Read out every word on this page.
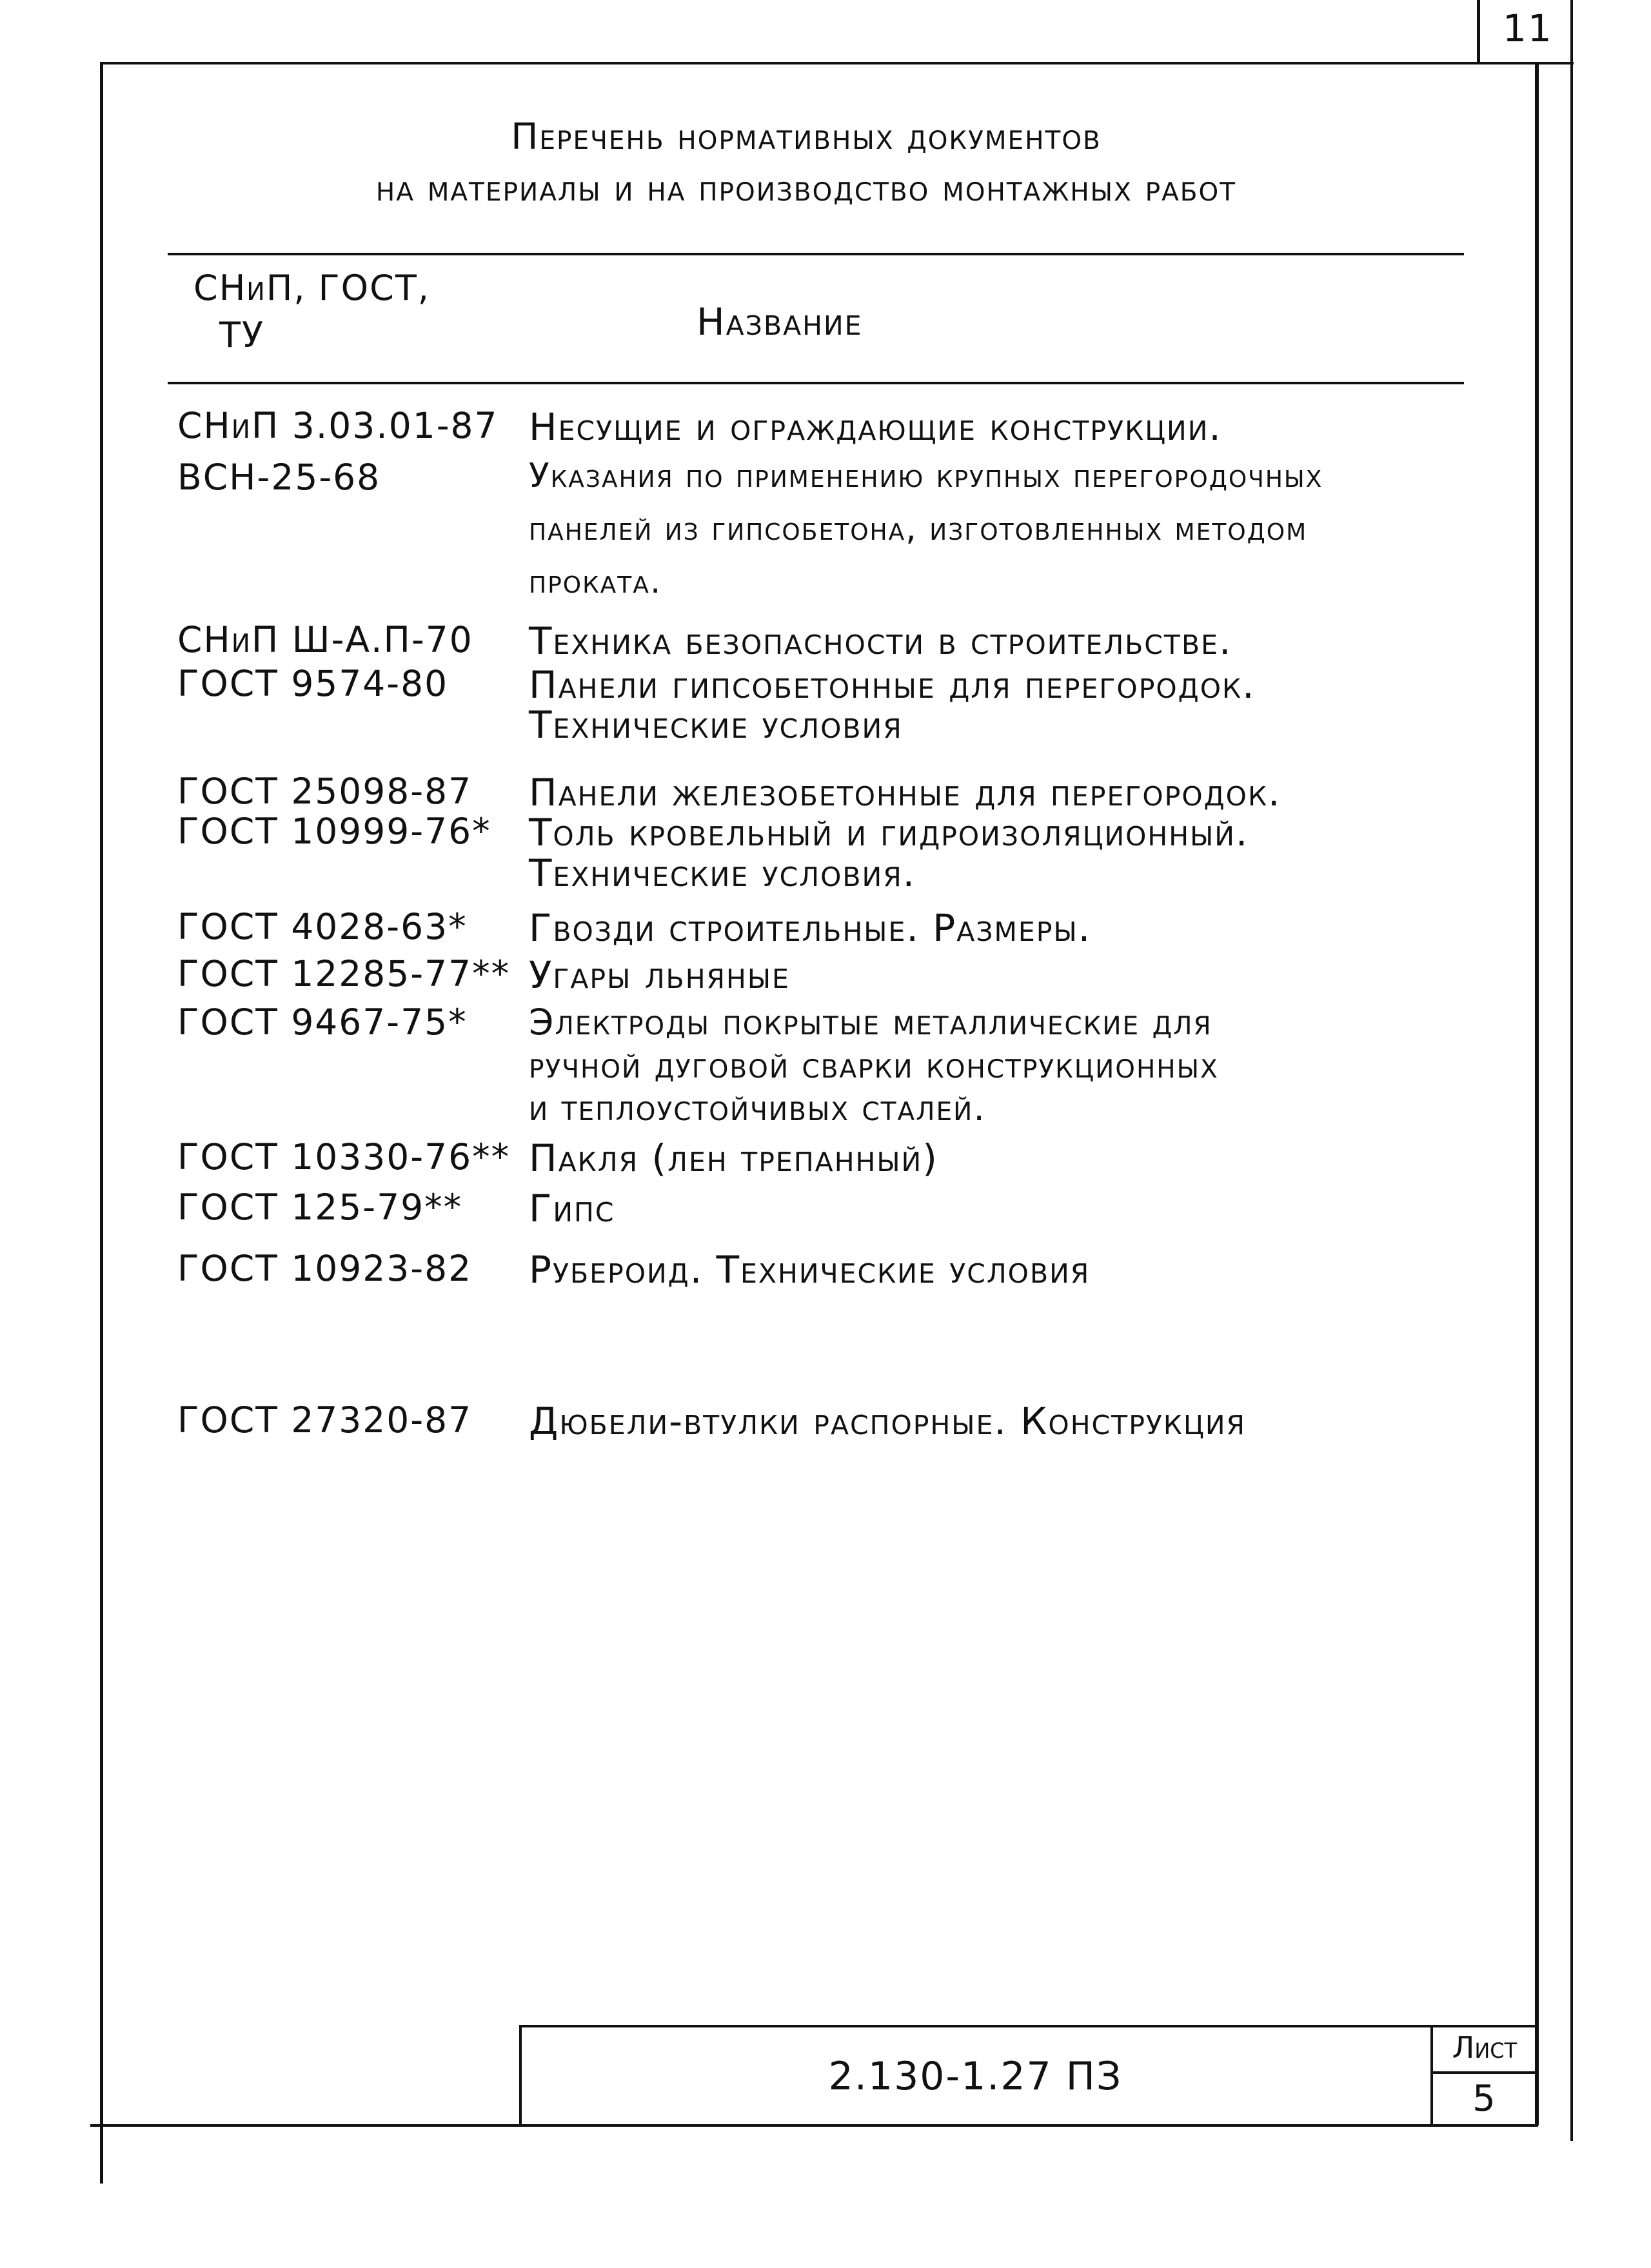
11
Перечень нормативных документов
на материалы и на производство монтажных работ
СНиП, ГОСТ,
ТУ	Название
СНиП 3.03.01-87 Несущие и ограждающие конструкции.
ВСН-25-68	Указания по применению крупных перегородочных
панелей из гипсобетона, изготовленных методом
проката.
СНиП Ш-А.П-70 Техника безопасности в строительстве.
ГОСТ 9574-80 Панели гипсобетонные для перегородок.
Технические условия
ГОСТ 25098-87 Панели железобетонные для перегородок.
ГОСТ 10999-76* Толь кровельный и гидроизоляционный.
Технические условия.
ГОСТ 4028-63* Гвозди строительные. Размеры.
ГОСТ 12285-77** Угары льняные
ГОСТ 9467-75* Электроды покрытые металлические для
ручной дуговой сварки конструкционных
и теплоустойчивых сталей.
ГОСТ 10330-76** Пакля (лен трепанный)
ГОСТ 125-79** Гипс
ГОСТ 10923-82 Рубероид. Технические условия
ГОСТ 27320-87 Дюбели-втулки распорные. Конструкция
2.130-1.27 ПЗ
Лист
5
